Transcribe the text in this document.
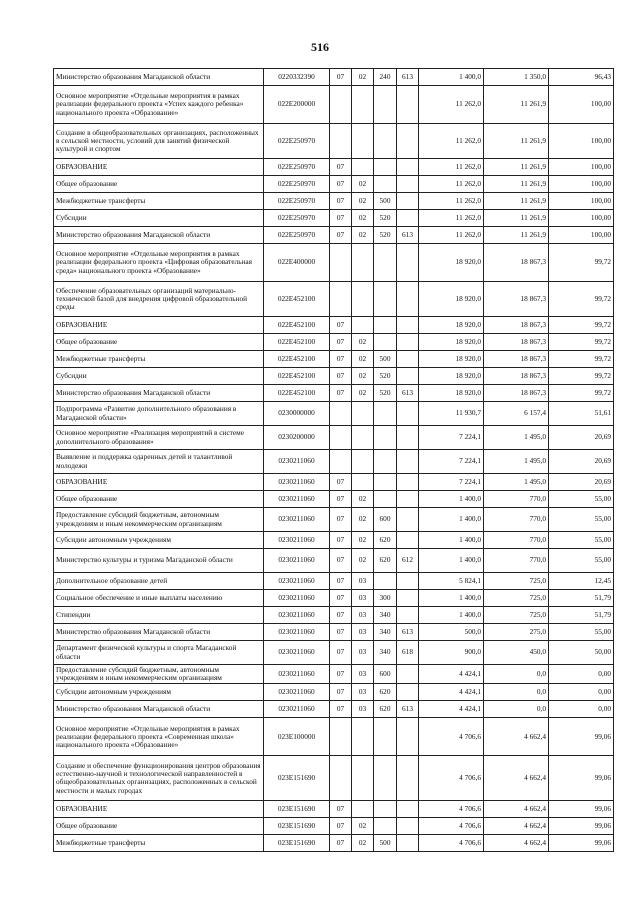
516
Министерство образования Магаданской области	0220332390	07	02	240	613	1 400,0	1 350,0	96,43
Основное мероприятие «Отдельные мероприятия в рамках реализации федерального проекта «Успех каждого ребенка» национального проекта «Образование»	022E200000					11 262,0	11 261,9	100,00
Создание в общеобразовательных организациях, расположенных в сельской местности, условий для занятий физической культурой и спортом	022E250970					11 262,0	11 261,9	100,00
ОБРАЗОВАНИЕ	022E250970	07				11 262,0	11 261,9	100,00
Общее образование	022E250970	07	02			11 262,0	11 261,9	100,00
Межбюджетные трансферты	022E250970	07	02	500		11 262,0	11 261,9	100,00
Субсидии	022E250970	07	02	520		11 262,0	11 261,9	100,00
Министерство образования Магаданской области	022E250970	07	02	520	613	11 262,0	11 261,9	100,00
Основное мероприятие «Отдельные мероприятия в рамках реализации федерального проекта «Цифровая образовательная среда» национального проекта «Образование»	022E400000					18 920,0	18 867,3	99,72
Обеспечение образовательных организаций материально-технической базой для внедрения цифровой образовательной среды	022E452100					18 920,0	18 867,3	99,72
ОБРАЗОВАНИЕ	022E452100	07				18 920,0	18 867,3	99,72
Общее образование	022E452100	07	02			18 920,0	18 867,3	99,72
Межбюджетные трансферты	022E452100	07	02	500		18 920,0	18 867,3	99,72
Субсидии	022E452100	07	02	520		18 920,0	18 867,3	99,72
Министерство образования Магаданской области	022E452100	07	02	520	613	18 920,0	18 867,3	99,72
Подпрограмма «Развитие дополнительного образования в Магаданской области»	0230000000					11 930,7	6 157,4	51,61
Основное мероприятие «Реализация мероприятий в системе дополнительного образования»	0230200000					7 224,1	1 495,0	20,69
Выявление и поддержка одаренных детей и талантливой молодежи	0230211060					7 224,1	1 495,0	20,69
ОБРАЗОВАНИЕ	0230211060	07				7 224,1	1 495,0	20,69
Общее образование	0230211060	07	02			1 400,0	770,0	55,00
Предоставление субсидий бюджетным, автономным учреждениям и иным некоммерческим организациям	0230211060	07	02	600		1 400,0	770,0	55,00
Субсидии автономным учреждениям	0230211060	07	02	620		1 400,0	770,0	55,00
Министерство культуры и туризма Магаданской области	0230211060	07	02	620	612	1 400,0	770,0	55,00
Дополнительное образование детей	0230211060	07	03			5 824,1	725,0	12,45
Социальное обеспечение и иные выплаты населению	0230211060	07	03	300		1 400,0	725,0	51,79
Стипендии	0230211060	07	03	340		1 400,0	725,0	51,79
Министерство образования Магаданской области	0230211060	07	03	340	613	500,0	275,0	55,00
Департамент физической культуры и спорта Магаданской области	0230211060	07	03	340	618	900,0	450,0	50,00
Предоставление субсидий бюджетным, автономным учреждениям и иным некоммерческим организациям	0230211060	07	03	600		4 424,1	0,0	0,00
Субсидии автономным учреждениям	0230211060	07	03	620		4 424,1	0,0	0,00
Министерство образования Магаданской области	0230211060	07	03	620	613	4 424,1	0,0	0,00
Основное мероприятие «Отдельные мероприятия в рамках реализации федерального проекта «Современная школа» национального проекта «Образование»	023E100000					4 706,6	4 662,4	99,06
Создание и обеспечение функционирования центров образования естественно-научной и технологической направленностей в общеобразовательных организациях, расположенных в сельской местности и малых городах	023E151690					4 706,6	4 662,4	99,06
ОБРАЗОВАНИЕ	023E151690	07				4 706,6	4 662,4	99,06
Общее образование	023E151690	07	02			4 706,6	4 662,4	99,06
Межбюджетные трансферты	023E151690	07	02	500		4 706,6	4 662,4	99,06
